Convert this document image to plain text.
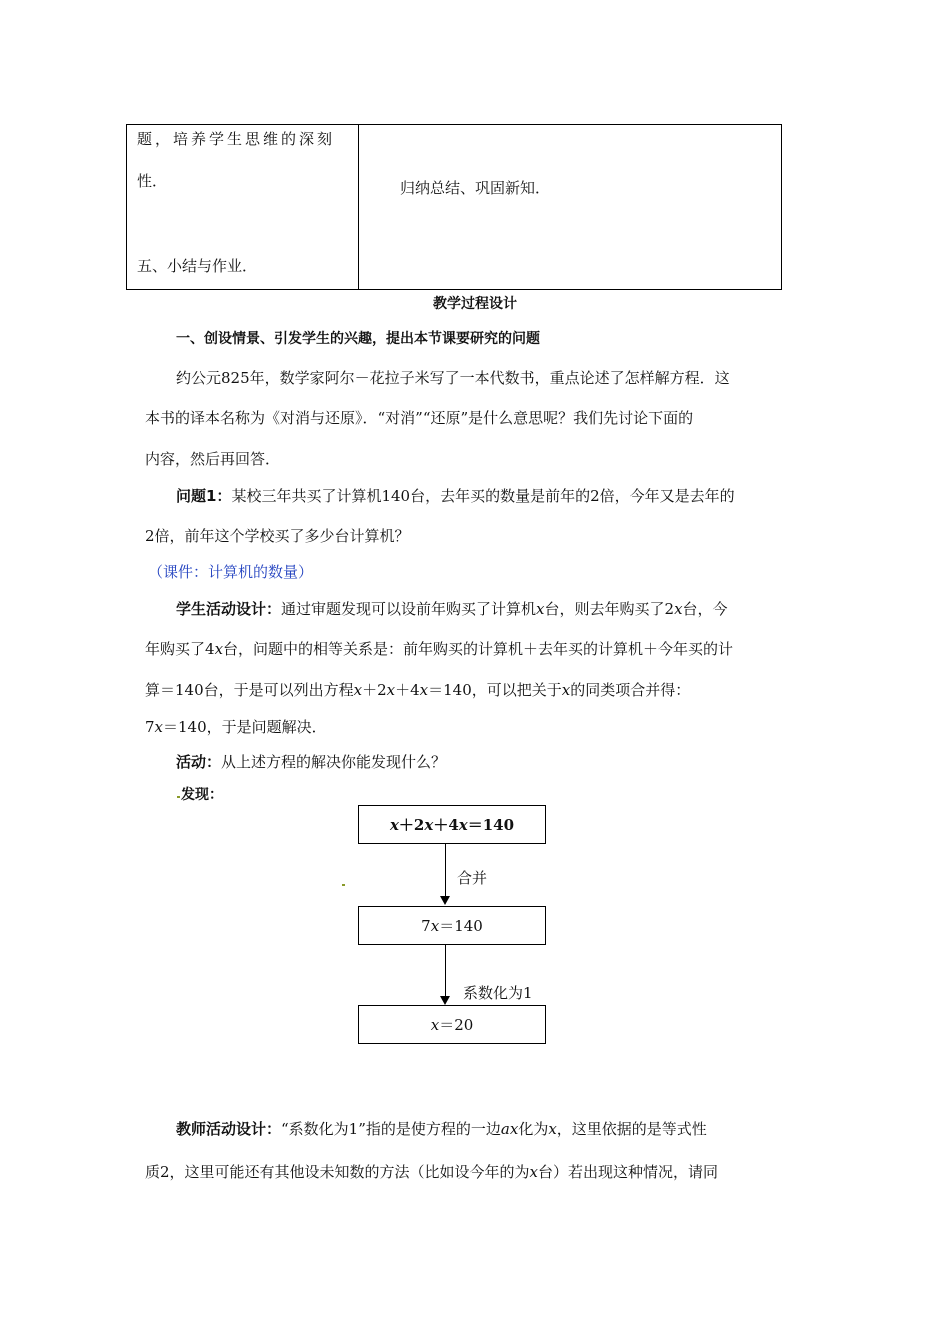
题，培养学生思维的深刻
性．
五、小结与作业．
归纳总结、巩固新知．
教学过程设计
一、创设情景、引发学生的兴趣，提出本节课要研究的问题
约公元825年，数学家阿尔－花拉子米写了一本代数书，重点论述了怎样解方程．这
本书的译本名称为《对消与还原》．“对消”“还原”是什么意思呢？我们先讨论下面的
内容，然后再回答．
问题1：某校三年共买了计算机140台，去年买的数量是前年的2倍，今年又是去年的
2倍，前年这个学校买了多少台计算机？
（课件：计算机的数量）
学生活动设计：通过审题发现可以设前年购买了计算机x台，则去年购买了2x台，今
年购买了4x台，问题中的相等关系是：前年购买的计算机＋去年买的计算机＋今年买的计
算＝140台，于是可以列出方程x＋2x＋4x＝140，可以把关于x的同类项合并得：
7x＝140，于是问题解决．
活动：从上述方程的解决你能发现什么？
发现：
x ＋2 x ＋4 x ＝140
合并
7 x ＝140
系数化为1
x ＝20
教师活动设计：“系数化为1”指的是使方程的一边ax化为x，这里依据的是等式性
质2，这里可能还有其他设未知数的方法（比如设今年的为x台）若出现这种情况，请同
